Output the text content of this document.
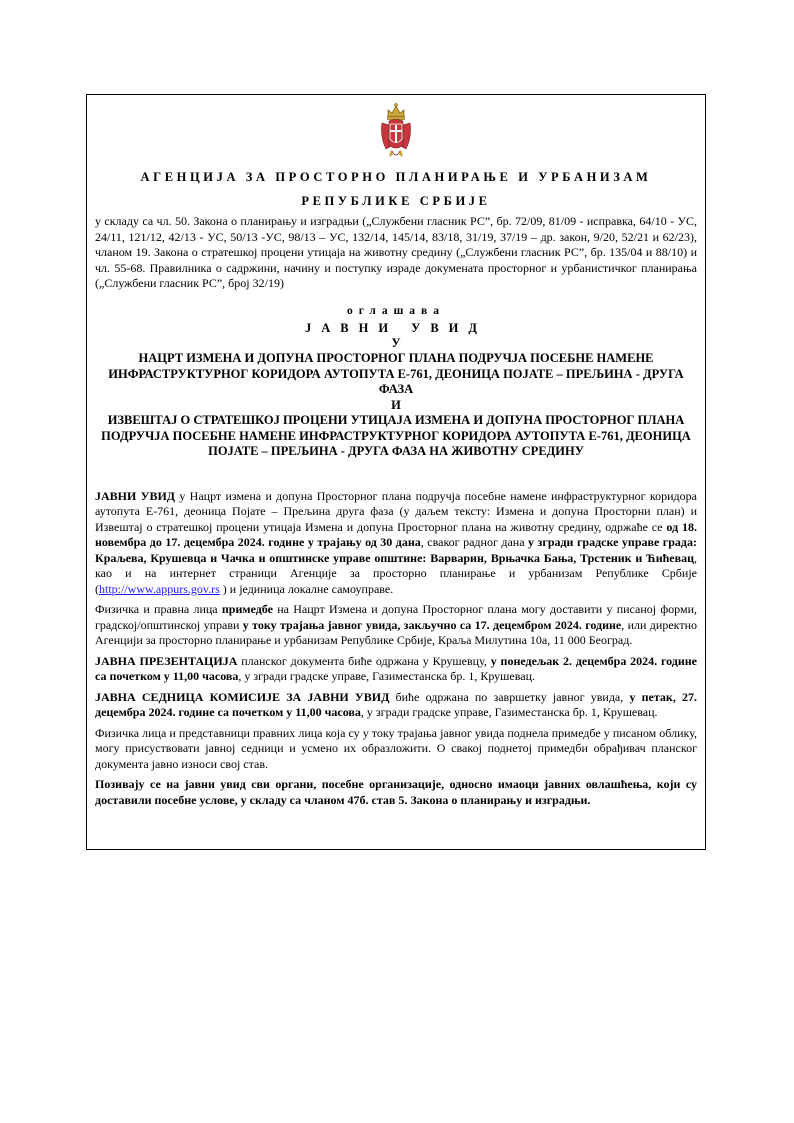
АГЕНЦИЈА ЗА ПРОСТОРНО ПЛАНИРАЊЕ И УРБАНИЗАМ

РЕПУБЛИКЕ СРБИЈЕ

у складу са чл. 50. Закона о планирању и изградњи („Службени гласник РС”, бр. 72/09, 81/09 - исправка, 64/10 - УС, 24/11, 121/12, 42/13 - УС, 50/13 -УС, 98/13 – УС, 132/14, 145/14, 83/18, 31/19, 37/19 – др. закон, 9/20, 52/21 и 62/23), чланом 19. Закона о стратешкој процени утицаја на животну средину („Службени гласник РС”, бр. 135/04 и 88/10) и чл. 55-68. Правилника о садржини, начину и поступку израде докумената просторног и урбанистичког планирања („Службени гласник РС”, број 32/19)

оглашава

ЈАВНИ УВИД

У

НАЦРТ ИЗМЕНА И ДОПУНА ПРОСТОРНОГ ПЛАНА ПОДРУЧЈА ПОСЕБНЕ НАМЕНЕ ИНФРАСТРУКТУРНОГ КОРИДОРА АУТОПУТА Е-761, ДЕОНИЦА ПОЈАТЕ – ПРЕЉИНА - ДРУГА ФАЗА

И

ИЗВЕШТАЈ О СТРАТЕШКОЈ ПРОЦЕНИ УТИЦАЈА ИЗМЕНА И ДОПУНА ПРОСТОРНОГ ПЛАНА ПОДРУЧЈА ПОСЕБНЕ НАМЕНЕ ИНФРАСТРУКТУРНОГ КОРИДОРА АУТОПУТА Е-761, ДЕОНИЦА ПОЈАТЕ – ПРЕЉИНА - ДРУГА ФАЗА НА ЖИВОТНУ СРЕДИНУ

ЈАВНИ УВИД у Нацрт измена и допуна Просторног плана подручја посебне намене инфраструктурног коридора аутопута Е-761, деоница Појате – Прељина друга фаза (у даљем тексту: Измена и допуна Просторни план) и Извештај о стратешкој процени утицаја Измена и допуна Просторног плана на животну средину, одржаће се од 18. новембра до 17. децембра 2024. године у трајању од 30 дана, сваког радног дана у згради градске управе града: Краљева, Крушевца и Чачка и општинске управе општине: Варварин, Врњачка Бања, Трстеник и Ћићевац, као и на интернет страници Агенције за просторно планирање и урбанизам Републике Србије (http://www.appurs.gov.rs ) и јединица локалне самоуправе.

Физичка и правна лица примедбе на Нацрт Измена и допуна Просторног плана могу доставити у писаној форми, градској/општинској управи у току трајања јавног увида, закључно са 17. децембром 2024. године, или директно Агенцији за просторно планирање и урбанизам Републике Србије, Краља Милутина 10а, 11 000 Београд.

ЈАВНА ПРЕЗЕНТАЦИЈА планског документа биће одржана у Крушевцу, у понедељак 2. децембра 2024. године са почетком у 11,00 часова, у згради градске управе, Газиместанска бр. 1, Крушевац.

ЈАВНА СЕДНИЦА КОМИСИЈЕ ЗА ЈАВНИ УВИД биће одржана по завршетку јавног увида, у петак, 27. децембра 2024. године са почетком у 11,00 часова, у згради градске управе, Газиместанска бр. 1, Крушевац.

Физичка лица и представници правних лица која су у току трајања јавног увида поднела примедбе у писаном облику, могу присуствовати јавној седници и усмено их образложити. О свакој поднетој примедби обрађивач планског документа јавно износи свој став.

Позивају се на јавни увид сви органи, посебне организације, односно имаоци јавних овлашћења, који су доставили посебне услове, у складу са чланом 47б. став 5. Закона о планирању и изградњи.
